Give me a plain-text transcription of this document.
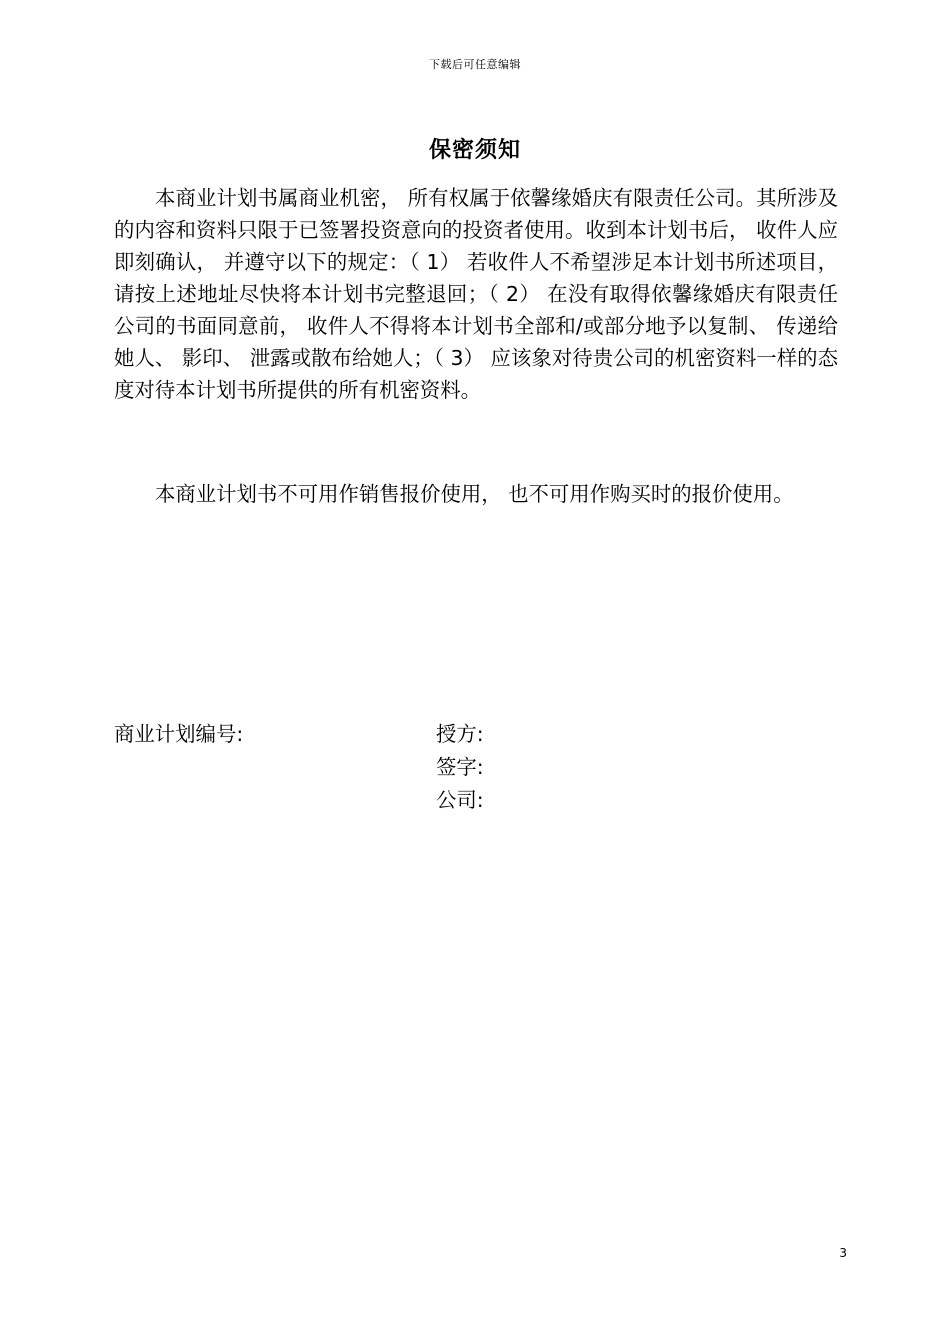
下载后可任意编辑
保密须知
本商业计划书属商业机密， 所有权属于依馨缘婚庆有限责任公司。其所涉及的内容和资料只限于已签署投资意向的投资者使用。收到本计划书后， 收件人应即刻确认， 并遵守以下的规定：（ 1） 若收件人不希望涉足本计划书所述项目， 请按上述地址尽快将本计划书完整退回；（ 2） 在没有取得依馨缘婚庆有限责任公司的书面同意前， 收件人不得将本计划书全部和/或部分地予以复制、 传递给她人、 影印、 泄露或散布给她人；（ 3） 应该象对待贵公司的机密资料一样的态度对待本计划书所提供的所有机密资料。
本商业计划书不可用作销售报价使用， 也不可用作购买时的报价使用。
商业计划编号:	授方:
签字:
公司:
3
